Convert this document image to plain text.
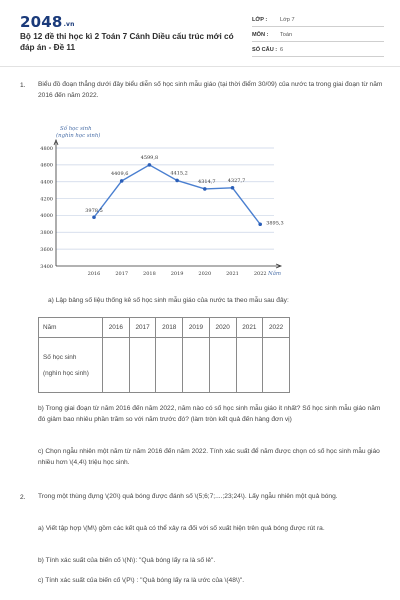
2048.vn
Bộ 12 đề thi học kì 2 Toán 7 Cánh Diều cấu trúc mới có đáp án - Đề 11
LỚP :	Lớp 7
MÔN :	Toán
SỐ CÂU : 6
1. Biểu đồ đoạn thẳng dưới đây biểu diễn số học sinh mẫu giáo (tại thời điểm 30/09) của nước ta trong giai đoạn từ năm 2016 đến năm 2022.
Số học sinh
(nghìn học sinh)
3400
3600
3800
4000
4200
4400
4600
4800
2016	2017	2018	2019	2020	2021	2022 Năm
3978,5
4409,6
4599,8
4415,2
4314,7 4327,7
3895,3
a) Lập bảng số liệu thống kê số học sinh mẫu giáo của nước ta theo mẫu sau đây:
Năm	2016	2017	2018	2019	2020	2021	2022

Số học sinh
(nghìn học sinh)							

b) Trong giai đoạn từ năm 2016 đến năm 2022, năm nào có số học sinh mẫu giáo ít nhất? Số học sinh mẫu giáo năm đó giảm bao nhiêu phần trăm so với năm trước đó? (làm tròn kết quả đến hàng đơn vị)
c) Chọn ngẫu nhiên một năm từ năm 2016 đến năm 2022. Tính xác suất để năm được chọn có số học sinh mẫu giáo nhiều hơn \(4,4\) triệu học sinh.
2. Trong một thùng đựng \(20\) quả bóng được đánh số \(5;6;7;....;23;24\). Lấy ngẫu nhiên một quả bóng.
a) Viết tập hợp \(M\) gồm các kết quả có thể xảy ra đối với số xuất hiện trên quả bóng được rút ra.
b) Tính xác suất của biến cố \(N\): "Quả bóng lấy ra là số lẻ".
c) Tính xác suất của biến cố \(P\) : "Quả bóng lấy ra là ước của \(48\)".
